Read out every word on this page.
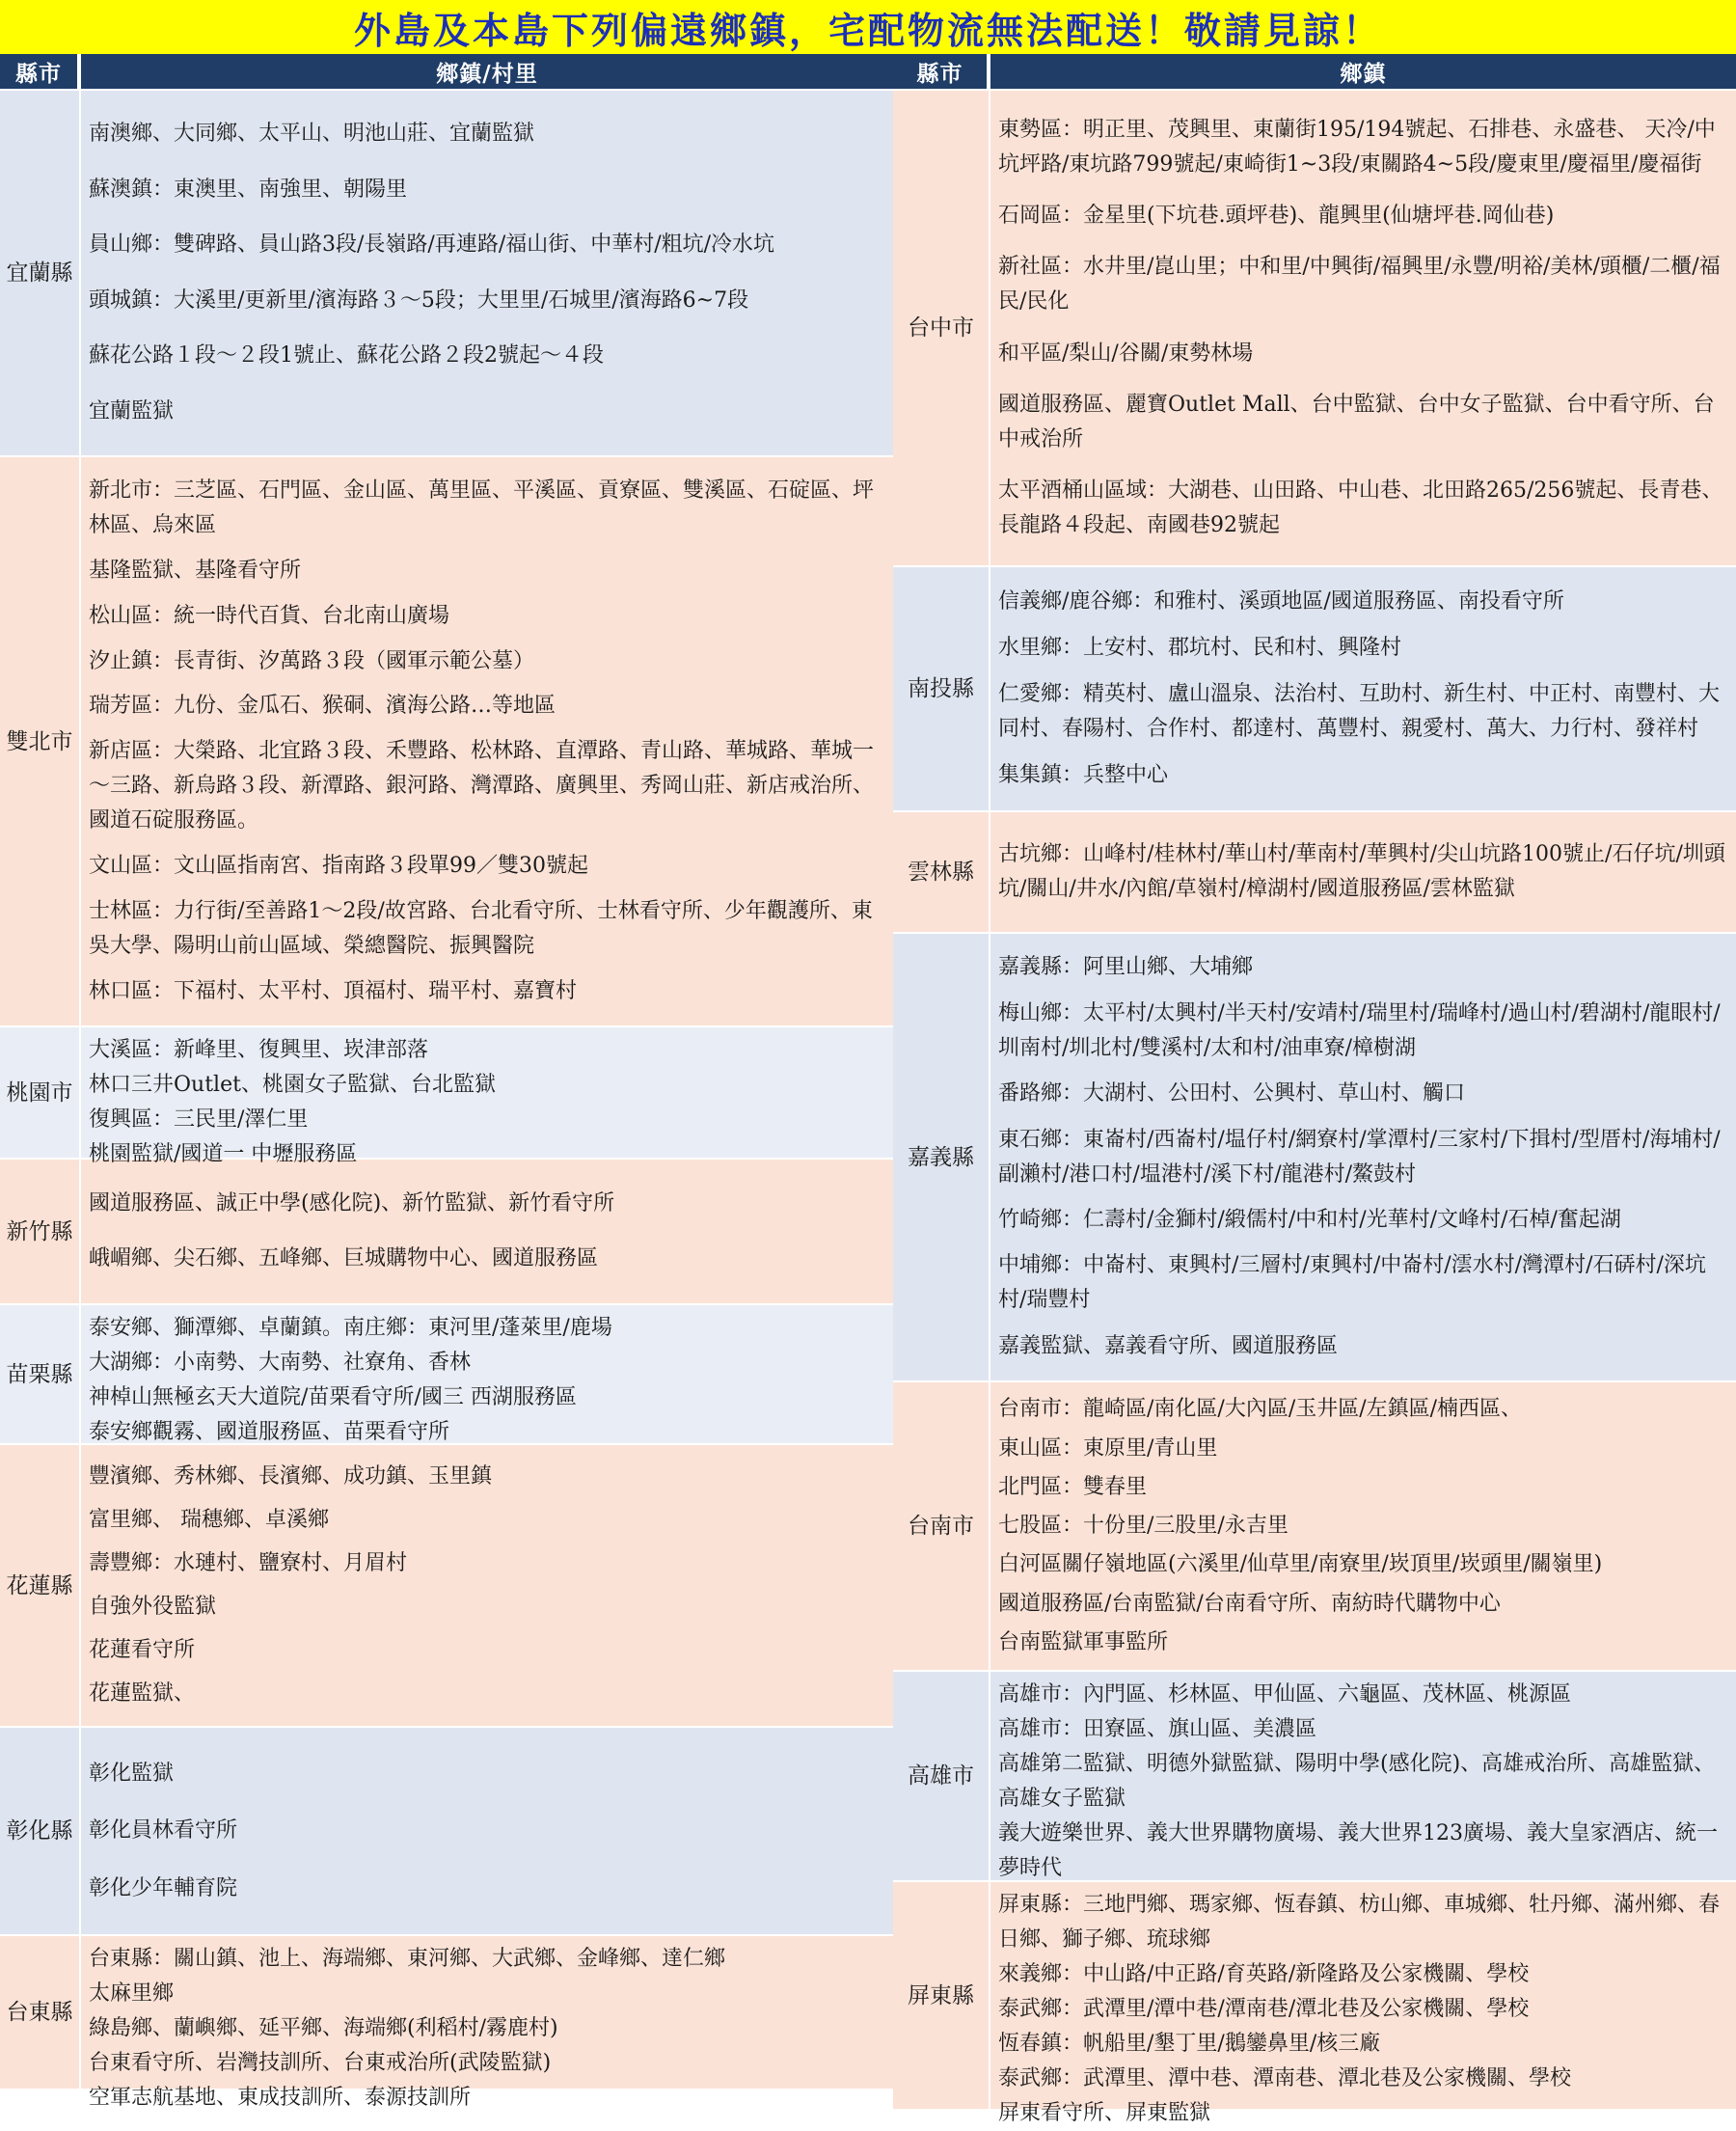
外島及本島下列偏遠鄉鎮，宅配物流無法配送！敬請見諒！
縣市	鄉鎮/村里
宜蘭縣
南澳鄉、大同鄉、太平山、明池山莊、宜蘭監獄
蘇澳鎮：東澳里、南強里、朝陽里
員山鄉：雙碑路、員山路3段/長嶺路/再連路/福山街、中華村/粗坑/冷水坑
頭城鎮：大溪里/更新里/濱海路３～5段；大里里/石城里/濱海路6~7段
蘇花公路１段～２段1號止、蘇花公路２段2號起～４段
宜蘭監獄
雙北市
新北市：三芝區、石門區、金山區、萬里區、平溪區、貢寮區、雙溪區、石碇區、坪林區、烏來區
基隆監獄、基隆看守所
松山區：統一時代百貨、台北南山廣場
汐止鎮：長青街、汐萬路３段（國軍示範公墓）
瑞芳區：九份、金瓜石、猴硐、濱海公路…等地區
新店區：大榮路、北宜路３段、禾豐路、松林路、直潭路、青山路、華城路、華城一～三路、新烏路３段、新潭路、銀河路、灣潭路、廣興里、秀岡山莊、新店戒治所、國道石碇服務區。
文山區：文山區指南宮、指南路３段單99／雙30號起
士林區：力行街/至善路1～2段/故宮路、台北看守所、士林看守所、少年觀護所、東吳大學、陽明山前山區域、榮總醫院、振興醫院
林口區：下福村、太平村、頂福村、瑞平村、嘉寶村
桃園市
大溪區：新峰里、復興里、崁津部落
林口三井Outlet、桃園女子監獄、台北監獄
復興區：三民里/澤仁里
桃園監獄/國道一 中壢服務區
新竹縣
國道服務區、誠正中學(感化院)、新竹監獄、新竹看守所
峨嵋鄉、尖石鄉、五峰鄉、巨城購物中心、國道服務區
苗栗縣
泰安鄉、獅潭鄉、卓蘭鎮。南庄鄉：東河里/蓬萊里/鹿場
大湖鄉：小南勢、大南勢、社寮角、香林
神棹山無極玄天大道院/苗栗看守所/國三 西湖服務區
泰安鄉觀霧、國道服務區、苗栗看守所
花蓮縣
豐濱鄉、秀林鄉、長濱鄉、成功鎮、玉里鎮
富里鄉、 瑞穗鄉、卓溪鄉
壽豐鄉：水璉村、鹽寮村、月眉村
自強外役監獄
花蓮看守所
花蓮監獄、
彰化縣
彰化監獄
彰化員林看守所
彰化少年輔育院
台東縣
台東縣：關山鎮、池上、海端鄉、東河鄉、大武鄉、金峰鄉、達仁鄉
太麻里鄉
綠島鄉、蘭嶼鄉、延平鄉、海端鄉(利稻村/霧鹿村)
台東看守所、岩灣技訓所、台東戒治所(武陵監獄)
空軍志航基地、東成技訓所、泰源技訓所
縣市	鄉鎮
台中市
東勢區：明正里、茂興里、東蘭街195/194號起、石排巷、永盛巷、 天冷/中坑坪路/東坑路799號起/東崎街1~3段/東關路4~5段/慶東里/慶福里/慶福街
石岡區：金星里(下坑巷.頭坪巷)、龍興里(仙塘坪巷.岡仙巷)
新社區：水井里/崑山里；中和里/中興街/福興里/永豐/明裕/美林/頭櫃/二櫃/福民/民化
和平區/梨山/谷關/東勢林場
國道服務區、麗寶Outlet Mall、台中監獄、台中女子監獄、台中看守所、台中戒治所
太平酒桶山區域：大湖巷、山田路、中山巷、北田路265/256號起、長青巷、長龍路４段起、南國巷92號起
南投縣
信義鄉/鹿谷鄉：和雅村、溪頭地區/國道服務區、南投看守所
水里鄉：上安村、郡坑村、民和村、興隆村
仁愛鄉：精英村、盧山溫泉、法治村、互助村、新生村、中正村、南豐村、大同村、春陽村、合作村、都達村、萬豐村、親愛村、萬大、力行村、發祥村
集集鎮：兵整中心
雲林縣
古坑鄉：山峰村/桂林村/華山村/華南村/華興村/尖山坑路100號止/石仔坑/圳頭坑/關山/井水/內館/草嶺村/樟湖村/國道服務區/雲林監獄
嘉義縣
嘉義縣：阿里山鄉、大埔鄉
梅山鄉：太平村/太興村/半天村/安靖村/瑞里村/瑞峰村/過山村/碧湖村/龍眼村/圳南村/圳北村/雙溪村/太和村/油車寮/樟樹湖
番路鄉：大湖村、公田村、公興村、草山村、觸口
東石鄉：東崙村/西崙村/塭仔村/網寮村/掌潭村/三家村/下揖村/型厝村/海埔村/副瀨村/港口村/塭港村/溪下村/龍港村/鰲鼓村
竹崎鄉：仁壽村/金獅村/緞儒村/中和村/光華村/文峰村/石棹/奮起湖
中埔鄉：中崙村、東興村/三層村/東興村/中崙村/澐水村/灣潭村/石硦村/深坑村/瑞豐村
嘉義監獄、嘉義看守所、國道服務區
台南市
台南市：龍崎區/南化區/大內區/玉井區/左鎮區/楠西區、
東山區：東原里/青山里
北門區：雙春里
七股區：十份里/三股里/永吉里
白河區關仔嶺地區(六溪里/仙草里/南寮里/崁頂里/崁頭里/關嶺里)
國道服務區/台南監獄/台南看守所、南紡時代購物中心
台南監獄軍事監所
高雄市
高雄市：內門區、杉林區、甲仙區、六龜區、茂林區、桃源區
高雄市：田寮區、旗山區、美濃區
高雄第二監獄、明德外獄監獄、陽明中學(感化院)、高雄戒治所、高雄監獄、高雄女子監獄
義大遊樂世界、義大世界購物廣場、義大世界123廣場、義大皇家酒店、統一夢時代
屏東縣
屏東縣：三地門鄉、瑪家鄉、恆春鎮、枋山鄉、車城鄉、牡丹鄉、滿州鄉、春日鄉、獅子鄉、琉球鄉
來義鄉：中山路/中正路/育英路/新隆路及公家機關、學校
泰武鄉：武潭里/潭中巷/潭南巷/潭北巷及公家機關、學校
恆春鎮：帆船里/墾丁里/鵝鑾鼻里/核三廠
泰武鄉：武潭里、潭中巷、潭南巷、潭北巷及公家機關、學校
屏東看守所、屏東監獄
